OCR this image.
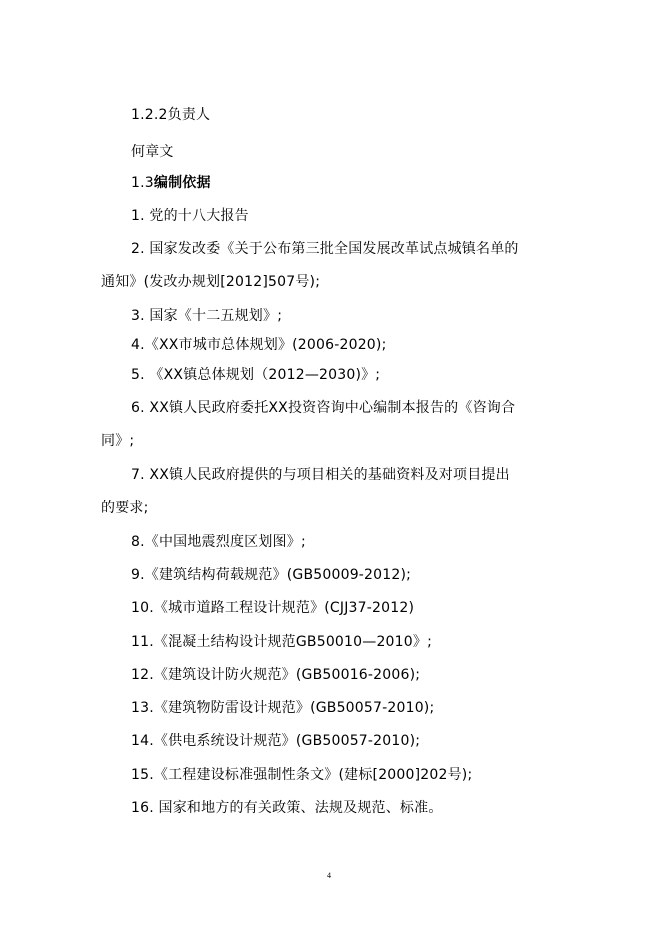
1.2.2负责人
何章文
1.3编制依据
1. 党的十八大报告
2. 国家发改委《关于公布第三批全国发展改革试点城镇名单的
通知》(发改办规划[2012]507号);
3. 国家《十二五规划》;
4.《XX市城市总体规划》(2006-2020);
5. 《XX镇总体规划（2012—2030)》;
6. XX镇人民政府委托XX投资咨询中心编制本报告的《咨询合
同》;
7. XX镇人民政府提供的与项目相关的基础资料及对项目提出
的要求;
8.《中国地震烈度区划图》;
9.《建筑结构荷载规范》(GB50009-2012);
10.《城市道路工程设计规范》(CJJ37-2012)
11.《混凝土结构设计规范GB50010—2010》;
12.《建筑设计防火规范》(GB50016-2006);
13.《建筑物防雷设计规范》(GB50057-2010);
14.《供电系统设计规范》(GB50057-2010);
15.《工程建设标准强制性条文》(建标[2000]202号);
16. 国家和地方的有关政策、法规及规范、标准。
4
